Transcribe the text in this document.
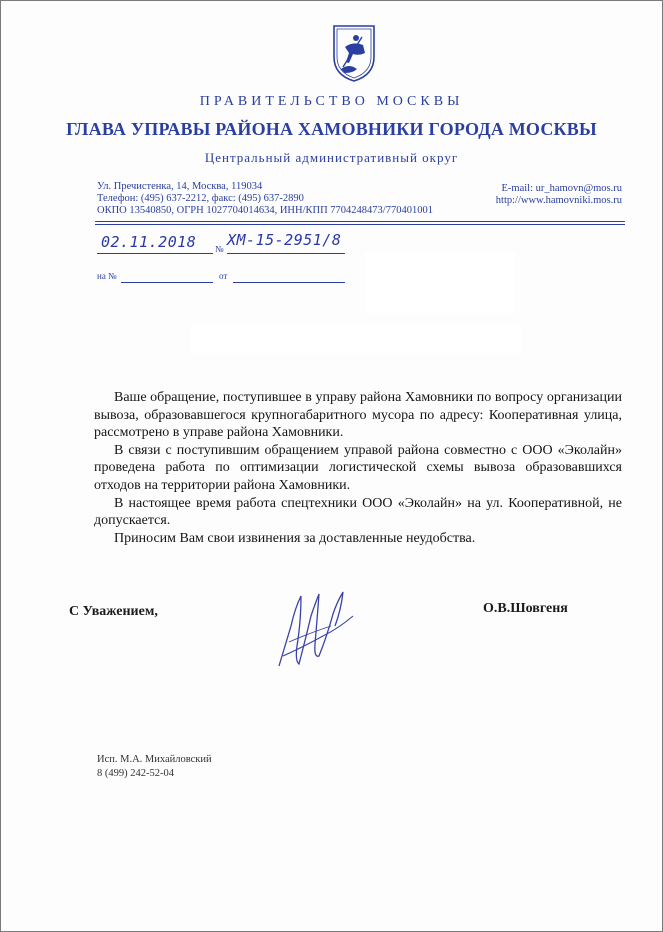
ПРАВИТЕЛЬСТВО МОСКВЫ
ГЛАВА УПРАВЫ РАЙОНА ХАМОВНИКИ ГОРОДА МОСКВЫ
Центральный административный округ
Ул. Пречистенка, 14, Москва, 119034
Телефон: (495) 637-2212, факс: (495) 637-2890
ОКПО 13540850, ОГРН 1027704014634, ИНН/КПП 7704248473/770401001
E-mail: ur_hamovn@mos.ru
http://www.hamovniki.mos.ru
02.11.2018 № ХМ-15-2951/8
на №	от

Ваше обращение, поступившее в управу района Хамовники по вопросу организации вывоза, образовавшегося крупногабаритного мусора по адресу: Кооперативная улица, рассмотрено в управе района Хамовники.

В связи с поступившим обращением управой района совместно с ООО «Эколайн» проведена работа по оптимизации логистической схемы вывоза образовавшихся отходов на территории района Хамовники.

В настоящее время работа спецтехники ООО «Эколайн» на ул. Кооперативной, не допускается.

Приносим Вам свои извинения за доставленные неудобства.

С Уважением,	О.В.Шовгеня
Исп. М.А. Михайловский
8 (499) 242-52-04
